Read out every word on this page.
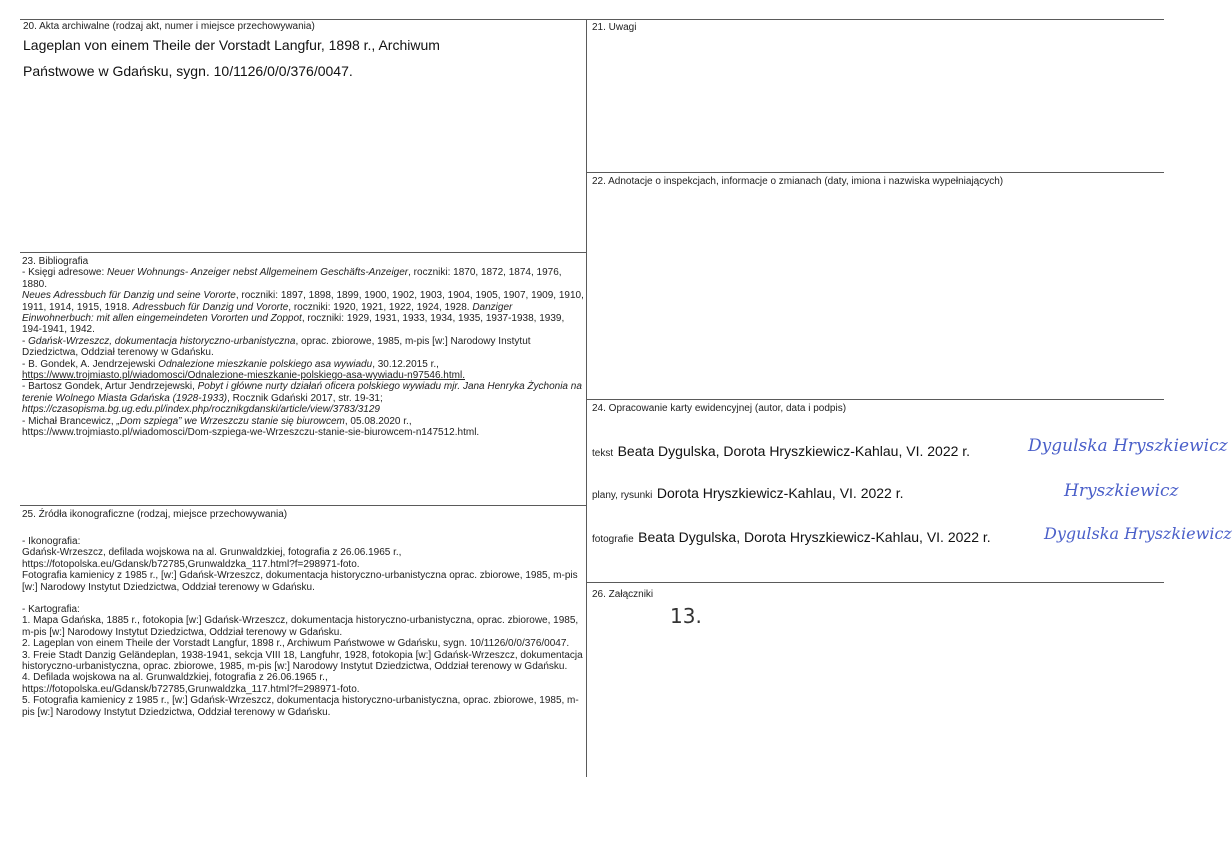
20. Akta archiwalne (rodzaj akt, numer i miejsce przechowywania)
Lageplan von einem Theile der Vorstadt Langfur, 1898 r., Archiwum
Państwowe w Gdańsku, sygn. 10/1126/0/0/376/0047.
21. Uwagi
22. Adnotacje o inspekcjach, informacje o zmianach (daty, imiona i nazwiska wypełniających)

23. Bibliografia

- Księgi adresowe: Neuer Wohnungs- Anzeiger nebst Allgemeinem Geschäfts-Anzeiger, roczniki: 1870, 1872, 1874, 1976, 1880.

Neues Adressbuch für Danzig und seine Vororte, roczniki: 1897, 1898, 1899, 1900, 1902, 1903, 1904, 1905, 1907, 1909, 1910, 1911, 1914, 1915, 1918. Adressbuch für Danzig und Vororte, roczniki: 1920, 1921, 1922, 1924, 1928. Danziger Einwohnerbuch: mit allen eingemeindeten Vororten und Zoppot, roczniki: 1929, 1931, 1933, 1934, 1935, 1937-1938, 1939, 194-1941, 1942.

- Gdańsk-Wrzeszcz, dokumentacja historyczno-urbanistyczna, oprac. zbiorowe, 1985, m-pis [w:] Narodowy Instytut Dziedzictwa, Oddział terenowy w Gdańsku.

- B. Gondek, A. Jendrzejewski Odnalezione mieszkanie polskiego asa wywiadu, 30.12.2015 r.,
https://www.trojmiasto.pl/wiadomosci/Odnalezione-mieszkanie-polskiego-asa-wywiadu-n97546.html.

- Bartosz Gondek, Artur Jendrzejewski, Pobyt i główne nurty działań oficera polskiego wywiadu mjr. Jana Henryka Żychonia na terenie Wolnego Miasta Gdańska (1928-1933), Rocznik Gdański 2017, str. 19-31;
https://czasopisma.bg.ug.edu.pl/index.php/rocznikgdanski/article/view/3783/3129

- Michał Brancewicz, „Dom szpiega” we Wrzeszczu stanie się biurowcem, 05.08.2020 r.,
https://www.trojmiasto.pl/wiadomosci/Dom-szpiega-we-Wrzeszczu-stanie-sie-biurowcem-n147512.html.

24. Opracowanie karty ewidencyjnej (autor, data i podpis)
tekst Beata Dygulska, Dorota Hryszkiewicz-Kahlau, VI. 2022 r.
plany, rysunki Dorota Hryszkiewicz-Kahlau, VI. 2022 r.
fotografie Beata Dygulska, Dorota Hryszkiewicz-Kahlau, VI. 2022 r.
Dygulska Hryszkiewicz
Hryszkiewicz
Dygulska Hryszkiewicz

25. Źródła ikonograficzne (rodzaj, miejsce przechowywania)

- Ikonografia:

Gdańsk-Wrzeszcz, defilada wojskowa na al. Grunwaldzkiej, fotografia z 26.06.1965 r., https://fotopolska.eu/Gdansk/b72785,Grunwaldzka_117.html?f=298971-foto.

Fotografia kamienicy z 1985 r., [w:] Gdańsk-Wrzeszcz, dokumentacja historyczno-urbanistyczna oprac. zbiorowe, 1985, m-pis [w:] Narodowy Instytut Dziedzictwa, Oddział terenowy w Gdańsku.

- Kartografia:

1. Mapa Gdańska, 1885 r., fotokopia [w:] Gdańsk-Wrzeszcz, dokumentacja historyczno-urbanistyczna, oprac. zbiorowe, 1985, m-pis [w:] Narodowy Instytut Dziedzictwa, Oddział terenowy w Gdańsku.

2. Lageplan von einem Theile der Vorstadt Langfur, 1898 r., Archiwum Państwowe w Gdańsku, sygn. 10/1126/0/0/376/0047.

3. Freie Stadt Danzig Geländeplan, 1938-1941, sekcja VIII 18, Langfuhr, 1928, fotokopia [w:] Gdańsk-Wrzeszcz, dokumentacja historyczno-urbanistyczna, oprac. zbiorowe, 1985, m-pis [w:] Narodowy Instytut Dziedzictwa, Oddział terenowy w Gdańsku.

4. Defilada wojskowa na al. Grunwaldzkiej, fotografia z 26.06.1965 r., https://fotopolska.eu/Gdansk/b72785,Grunwaldzka_117.html?f=298971-foto.

5. Fotografia kamienicy z 1985 r., [w:] Gdańsk-Wrzeszcz, dokumentacja historyczno-urbanistyczna, oprac. zbiorowe, 1985, m-pis [w:] Narodowy Instytut Dziedzictwa, Oddział terenowy w Gdańsku.

26. Załączniki
13.
